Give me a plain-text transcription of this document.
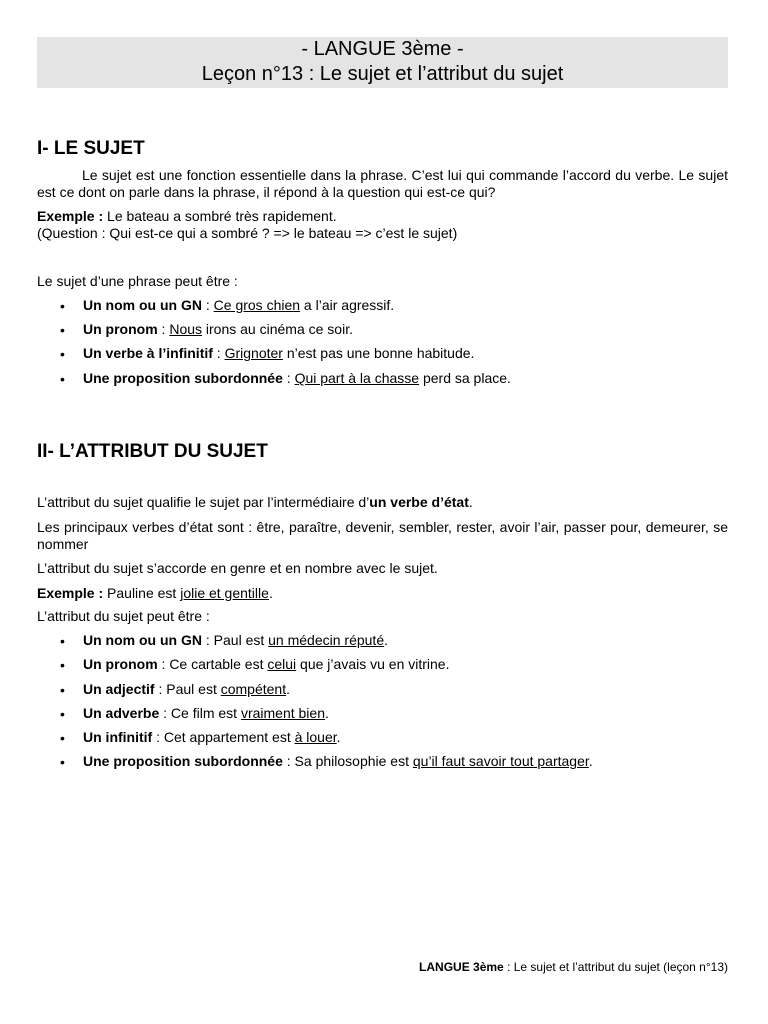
- LANGUE 3ème -
Leçon n°13 : Le sujet et l’attribut du sujet
I- LE SUJET
Le sujet est une fonction essentielle dans la phrase. C’est lui qui commande l’accord du verbe. Le sujet est ce dont on parle dans la phrase, il répond à la question qui est-ce qui?
Exemple : Le bateau a sombré très rapidement.
(Question : Qui est-ce qui a sombré ? => le bateau => c’est le sujet)
Le sujet d’une phrase peut être :
• Un nom ou un GN : Ce gros chien a l’air agressif.
• Un pronom : Nous irons au cinéma ce soir.
• Un verbe à l’infinitif : Grignoter n’est pas une bonne habitude.
• Une proposition subordonnée : Qui part à la chasse perd sa place.
II- L’ATTRIBUT DU SUJET
L’attribut du sujet qualifie le sujet par l’intermédiaire d’un verbe d’état.
Les principaux verbes d’état sont : être, paraître, devenir, sembler, rester, avoir l’air, passer pour, demeurer, se nommer
L’attribut du sujet s’accorde en genre et en nombre avec le sujet.
Exemple : Pauline est jolie et gentille.
L’attribut du sujet peut être :
• Un nom ou un GN : Paul est un médecin réputé.
• Un pronom : Ce cartable est celui que j’avais vu en vitrine.
• Un adjectif : Paul est compétent.
• Un adverbe : Ce film est vraiment bien.
• Un infinitif : Cet appartement est à louer.
• Une proposition subordonnée : Sa philosophie est qu’il faut savoir tout partager.
LANGUE 3ème : Le sujet et l’attribut du sujet (leçon n°13)
